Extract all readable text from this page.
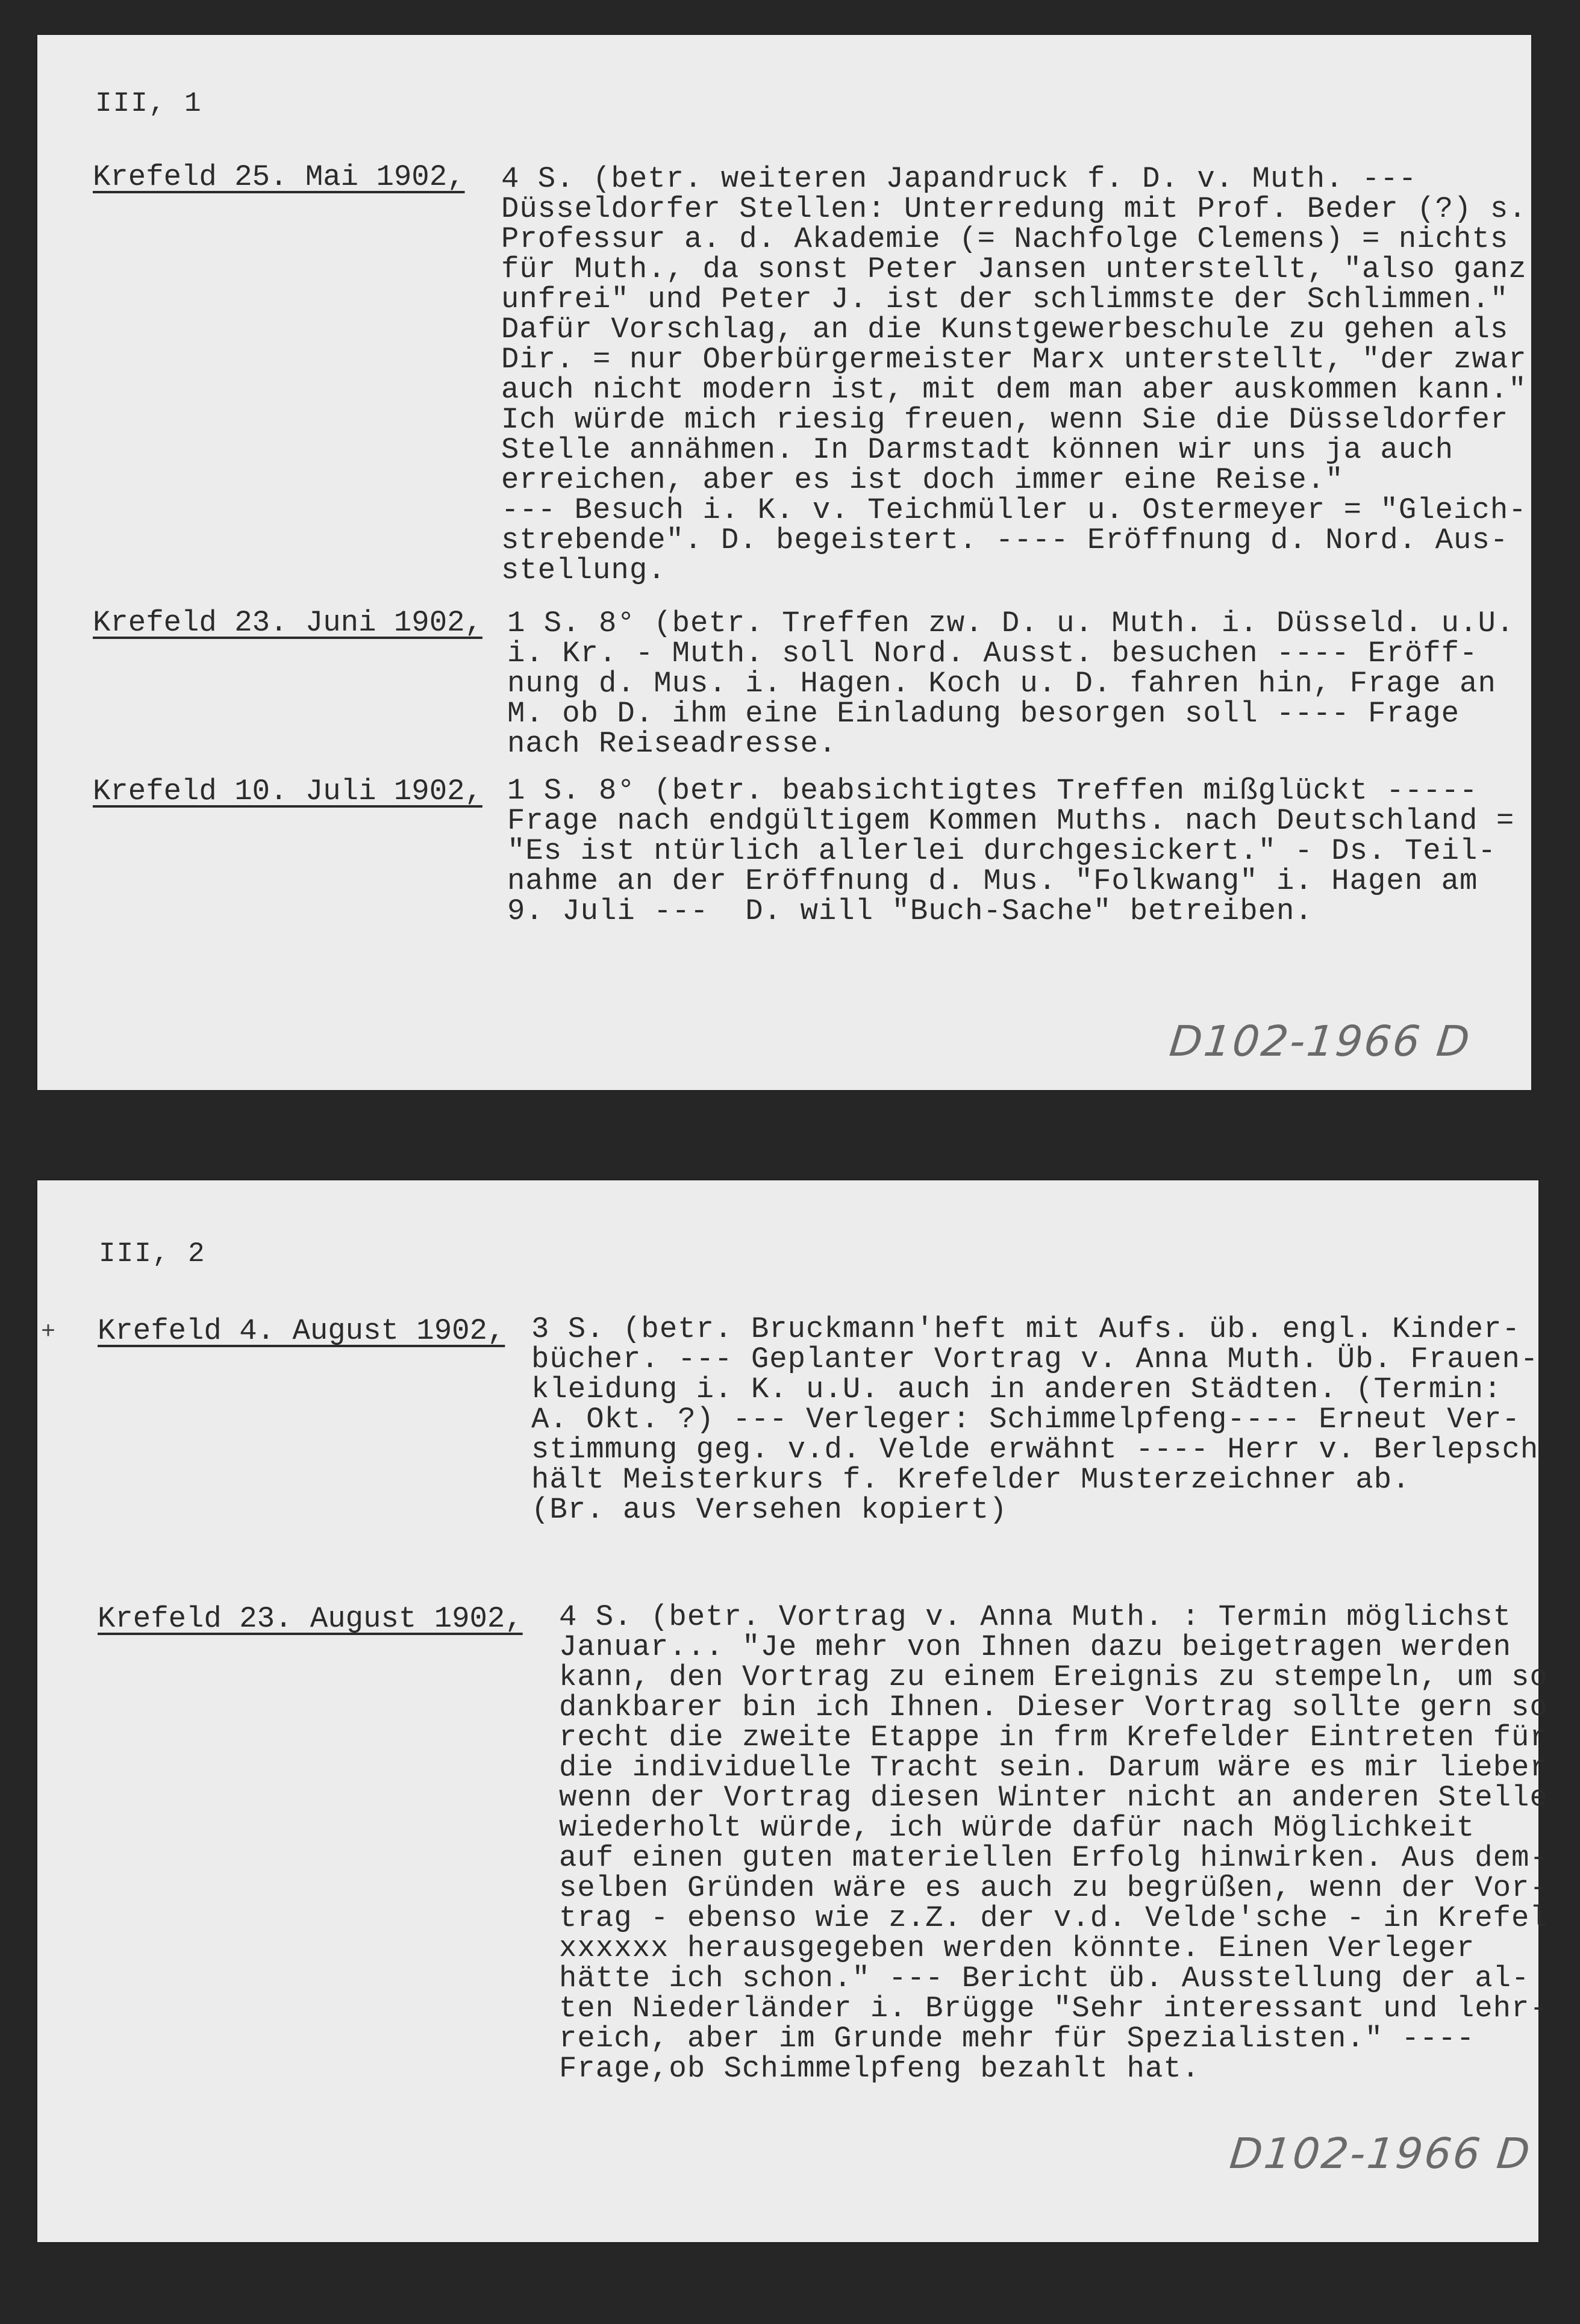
III, 1
Krefeld 25. Mai 1902, 4 S. (betr. weiteren Japandruck f. D. v. Muth. ---
Düsseldorfer Stellen: Unterredung mit Prof. Beder (?) s.
Professur a. d. Akademie (= Nachfolge Clemens) = nichts
für Muth., da sonst Peter Jansen unterstellt, "also ganz
unfrei" und Peter J. ist der schlimmste der Schlimmen."
Dafür Vorschlag, an die Kunstgewerbeschule zu gehen als
Dir. = nur Oberbürgermeister Marx unterstellt, "der zwar
auch nicht modern ist, mit dem man aber auskommen kann."
Ich würde mich riesig freuen, wenn Sie die Düsseldorfer
Stelle annähmen. In Darmstadt können wir uns ja auch
erreichen, aber es ist doch immer eine Reise."
--- Besuch i. K. v. Teichmüller u. Ostermeyer = "Gleich-
strebende". D. begeistert. ---- Eröffnung d. Nord. Aus-
stellung.
Krefeld 23. Juni 1902, 1 S. 8° (betr. Treffen zw. D. u. Muth. i. Düsseld. u.U.
i. Kr. - Muth. soll Nord. Ausst. besuchen ---- Eröff-
nung d. Mus. i. Hagen. Koch u. D. fahren hin, Frage an
M. ob D. ihm eine Einladung besorgen soll ---- Frage
nach Reiseadresse.
Krefeld 10. Juli 1902, 1 S. 8° (betr. beabsichtigtes Treffen mißglückt -----
Frage nach endgültigem Kommen Muths. nach Deutschland =
"Es ist ntürlich allerlei durchgesickert." - Ds. Teil-
nahme an der Eröffnung d. Mus. "Folkwang" i. Hagen am
9. Juli ---  D. will "Buch-Sache" betreiben.
D102-1966 D
III, 2
+ Krefeld 4. August 1902, 3 S. (betr. Bruckmann'heft mit Aufs. üb. engl. Kinder-
bücher. --- Geplanter Vortrag v. Anna Muth. Üb. Frauen-
kleidung i. K. u.U. auch in anderen Städten. (Termin:
A. Okt. ?) --- Verleger: Schimmelpfeng---- Erneut Ver-
stimmung geg. v.d. Velde erwähnt ---- Herr v. Berlepsch
hält Meisterkurs f. Krefelder Musterzeichner ab.
(Br. aus Versehen kopiert)
Krefeld 23. August 1902, 4 S. (betr. Vortrag v. Anna Muth. : Termin möglichst
Januar... "Je mehr von Ihnen dazu beigetragen werden
kann, den Vortrag zu einem Ereignis zu stempeln, um so
dankbarer bin ich Ihnen. Dieser Vortrag sollte gern so
recht die zweite Etappe in frm Krefelder Eintreten für
die individuelle Tracht sein. Darum wäre es mir lieber
wenn der Vortrag diesen Winter nicht an anderen Stelle
wiederholt würde, ich würde dafür nach Möglichkeit
auf einen guten materiellen Erfolg hinwirken. Aus dem-
selben Gründen wäre es auch zu begrüßen, wenn der Vor-
trag - ebenso wie z.Z. der v.d. Velde'sche - in Krefel
xxxxxx herausgegeben werden könnte. Einen Verleger
hätte ich schon." --- Bericht üb. Ausstellung der al-
ten Niederländer i. Brügge "Sehr interessant und lehr-
reich, aber im Grunde mehr für Spezialisten." ----
Frage,ob Schimmelpfeng bezahlt hat.
D102-1966 D
